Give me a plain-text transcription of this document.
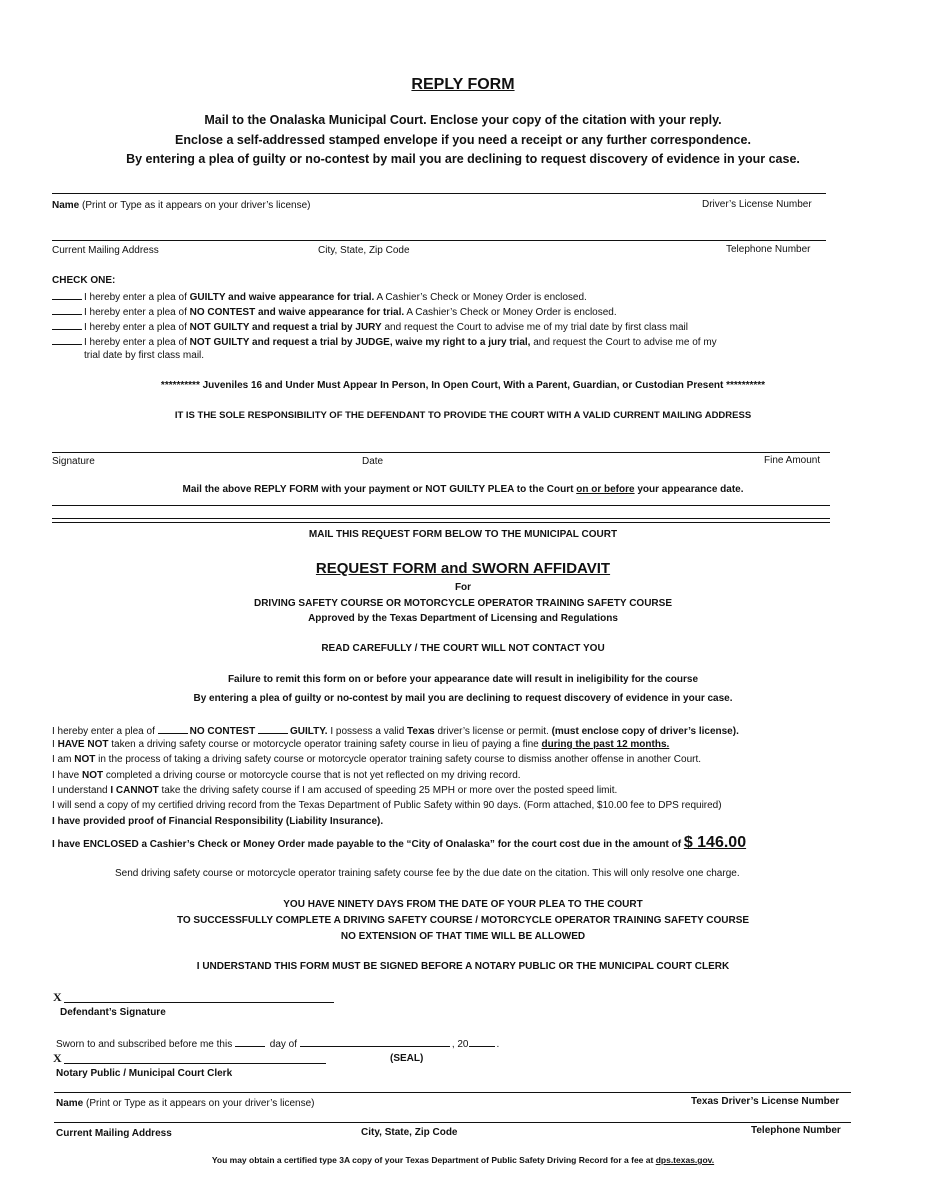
REPLY FORM
Mail to the Onalaska Municipal Court. Enclose your copy of the citation with your reply.
Enclose a self-addressed stamped envelope if you need a receipt or any further correspondence.
By entering a plea of guilty or no-contest by mail you are declining to request discovery of evidence in your case.
Name (Print or Type as it appears on your driver’s license)	Driver’s License Number
Current Mailing Address	City, State, Zip Code	Telephone Number
CHECK ONE:
I hereby enter a plea of GUILTY and waive appearance for trial. A Cashier’s Check or Money Order is enclosed.
I hereby enter a plea of NO CONTEST and waive appearance for trial. A Cashier’s Check or Money Order is enclosed.
I hereby enter a plea of NOT GUILTY and request a trial by JURY and request the Court to advise me of my trial date by first class mail
I hereby enter a plea of NOT GUILTY and request a trial by JUDGE, waive my right to a jury trial, and request the Court to advise me of my
trial date by first class mail.
********** Juveniles 16 and Under Must Appear In Person, In Open Court, With a Parent, Guardian, or Custodian Present **********
IT IS THE SOLE RESPONSIBILITY OF THE DEFENDANT TO PROVIDE THE COURT WITH A VALID CURRENT MAILING ADDRESS
Signature	Date	Fine Amount
Mail the above REPLY FORM with your payment or NOT GUILTY PLEA to the Court on or before your appearance date.
MAIL THIS REQUEST FORM BELOW TO THE MUNICIPAL COURT
REQUEST FORM and SWORN AFFIDAVIT
For
DRIVING SAFETY COURSE OR MOTORCYCLE OPERATOR TRAINING SAFETY COURSE
Approved by the Texas Department of Licensing and Regulations
READ CAREFULLY / THE COURT WILL NOT CONTACT YOU
Failure to remit this form on or before your appearance date will result in ineligibility for the course
By entering a plea of guilty or no-contest by mail you are declining to request discovery of evidence in your case.
I hereby enter a plea of	NO CONTEST	GUILTY. I possess a valid Texas driver’s license or permit. (must enclose copy of driver’s license).
I HAVE NOT taken a driving safety course or motorcycle operator training safety course in lieu of paying a fine during the past 12 months.
I am NOT in the process of taking a driving safety course or motorcycle operator training safety course to dismiss another offense in another Court.
I have NOT completed a driving course or motorcycle course that is not yet reflected on my driving record.
I understand I CANNOT take the driving safety course if I am accused of speeding 25 MPH or more over the posted speed limit.
I will send a copy of my certified driving record from the Texas Department of Public Safety within 90 days. (Form attached, $10.00 fee to DPS required)
I have provided proof of Financial Responsibility (Liability Insurance).
I have ENCLOSED a Cashier’s Check or Money Order made payable to the “City of Onalaska” for the court cost due in the amount of $ 146.00
Send driving safety course or motorcycle operator training safety course fee by the due date on the citation. This will only resolve one charge.
YOU HAVE NINETY DAYS FROM THE DATE OF YOUR PLEA TO THE COURT
TO SUCCESSFULLY COMPLETE A DRIVING SAFETY COURSE / MOTORCYCLE OPERATOR TRAINING SAFETY COURSE
NO EXTENSION OF THAT TIME WILL BE ALLOWED
I UNDERSTAND THIS FORM MUST BE SIGNED BEFORE A NOTARY PUBLIC OR THE MUNICIPAL COURT CLERK
X
Defendant’s Signature
Sworn to and subscribed before me this	day of	, 20	.
X	(SEAL)
Notary Public / Municipal Court Clerk
Name (Print or Type as it appears on your driver’s license)	Texas Driver’s License Number
Current Mailing Address	City, State, Zip Code	Telephone Number
You may obtain a certified type 3A copy of your Texas Department of Public Safety Driving Record for a fee at dps.texas.gov.
